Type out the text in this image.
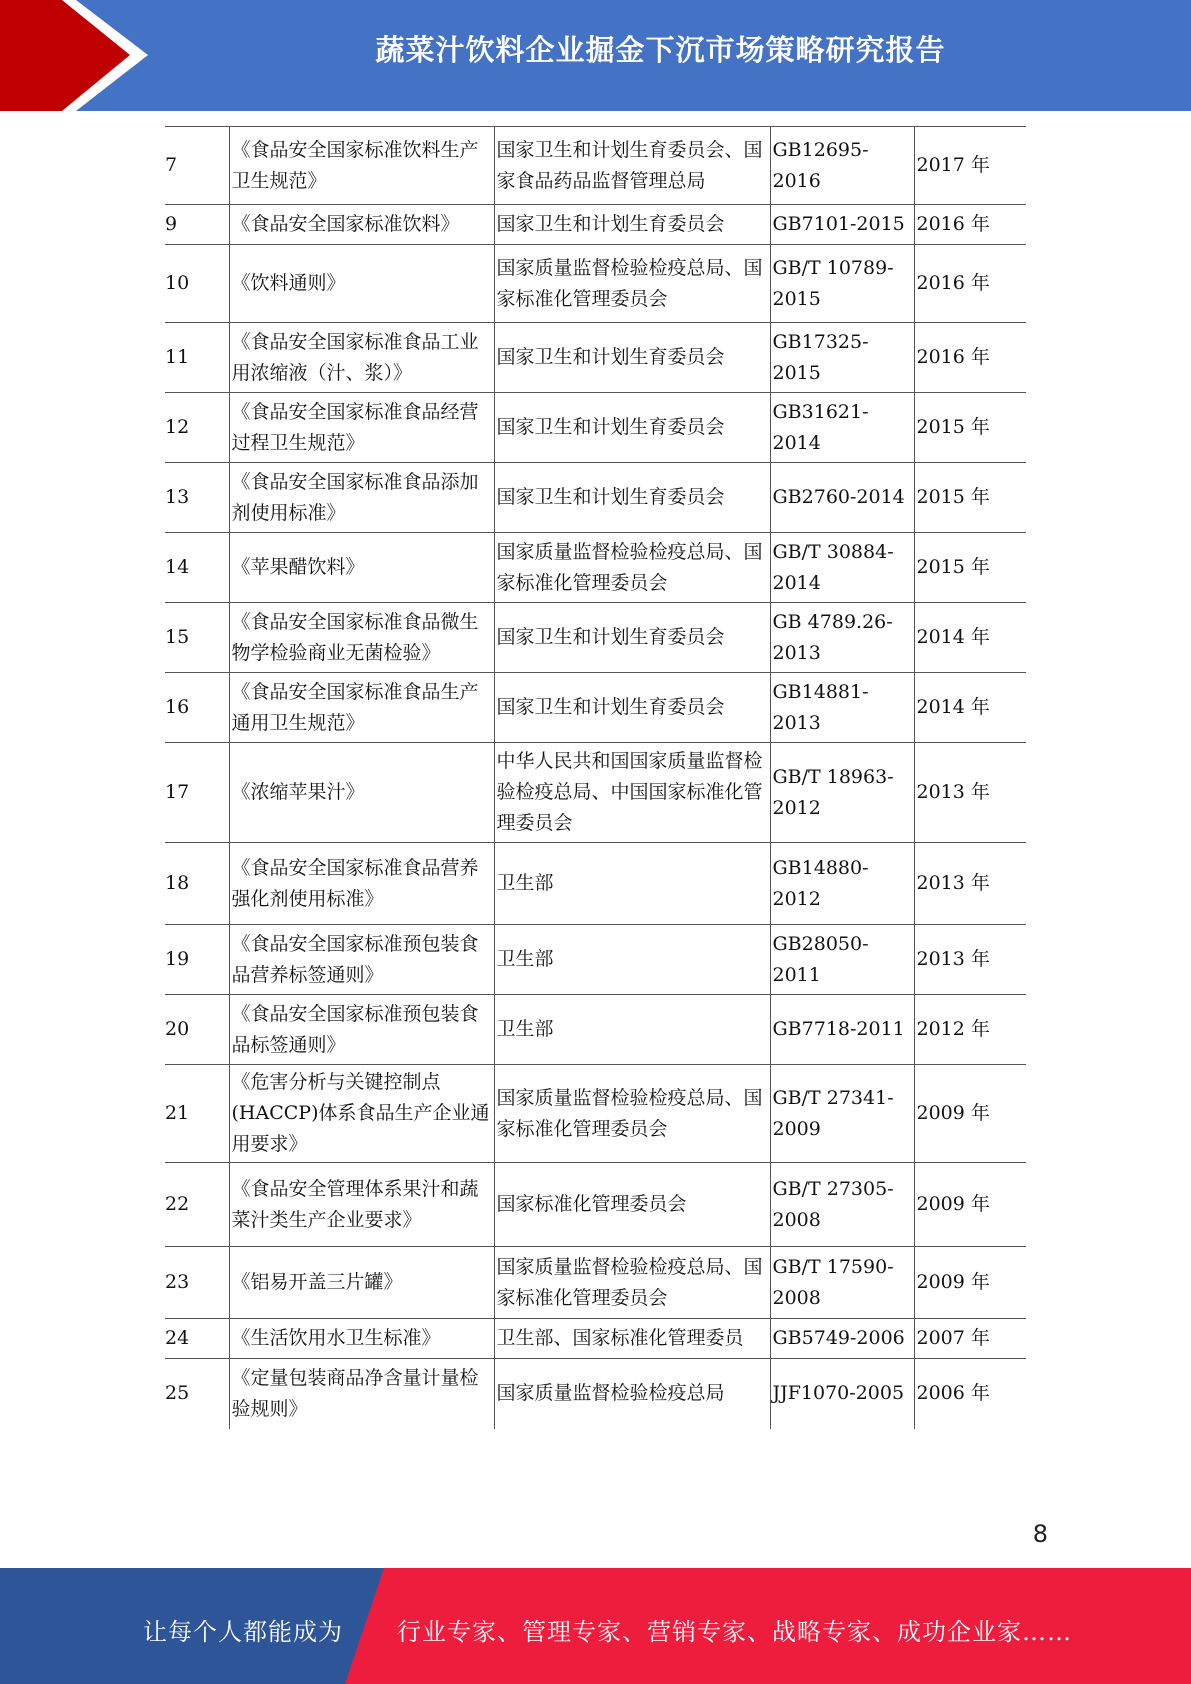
蔬菜汁饮料企业掘金下沉市场策略研究报告
7	《食品安全国家标准饮料生产卫生规范》	国家卫生和计划生育委员会、国家食品药品监督管理总局	GB12695-2016	2017 年
9	《食品安全国家标准饮料》	国家卫生和计划生育委员会	GB7101-2015	2016 年
10	《饮料通则》	国家质量监督检验检疫总局、国家标准化管理委员会	GB/T 10789-2015	2016 年
11	《食品安全国家标准食品工业用浓缩液（汁、浆）》	国家卫生和计划生育委员会	GB17325-2015	2016 年
12	《食品安全国家标准食品经营过程卫生规范》	国家卫生和计划生育委员会	GB31621-2014	2015 年
13	《食品安全国家标准食品添加剂使用标准》	国家卫生和计划生育委员会	GB2760-2014	2015 年
14	《苹果醋饮料》	国家质量监督检验检疫总局、国家标准化管理委员会	GB/T 30884-2014	2015 年
15	《食品安全国家标准食品微生物学检验商业无菌检验》	国家卫生和计划生育委员会	GB 4789.26-2013	2014 年
16	《食品安全国家标准食品生产通用卫生规范》	国家卫生和计划生育委员会	GB14881-2013	2014 年
17	《浓缩苹果汁》	中华人民共和国国家质量监督检验检疫总局、中国国家标准化管理委员会	GB/T 18963-2012	2013 年
18	《食品安全国家标准食品营养强化剂使用标准》	卫生部	GB14880-2012	2013 年
19	《食品安全国家标准预包装食品营养标签通则》	卫生部	GB28050-2011	2013 年
20	《食品安全国家标准预包装食品标签通则》	卫生部	GB7718-2011	2012 年
21	《危害分析与关键控制点(HACCP)体系食品生产企业通用要求》	国家质量监督检验检疫总局、国家标准化管理委员会	GB/T 27341-2009	2009 年
22	《食品安全管理体系果汁和蔬菜汁类生产企业要求》	国家标准化管理委员会	GB/T 27305-2008	2009 年
23	《铝易开盖三片罐》	国家质量监督检验检疫总局、国家标准化管理委员会	GB/T 17590-2008	2009 年
24	《生活饮用水卫生标准》	卫生部、国家标准化管理委员	GB5749-2006	2007 年
25	《定量包装商品净含量计量检验规则》	国家质量监督检验检疫总局	JJF1070-2005	2006 年
8
让每个人都能成为 行业专家、管理专家、营销专家、战略专家、成功企业家……
